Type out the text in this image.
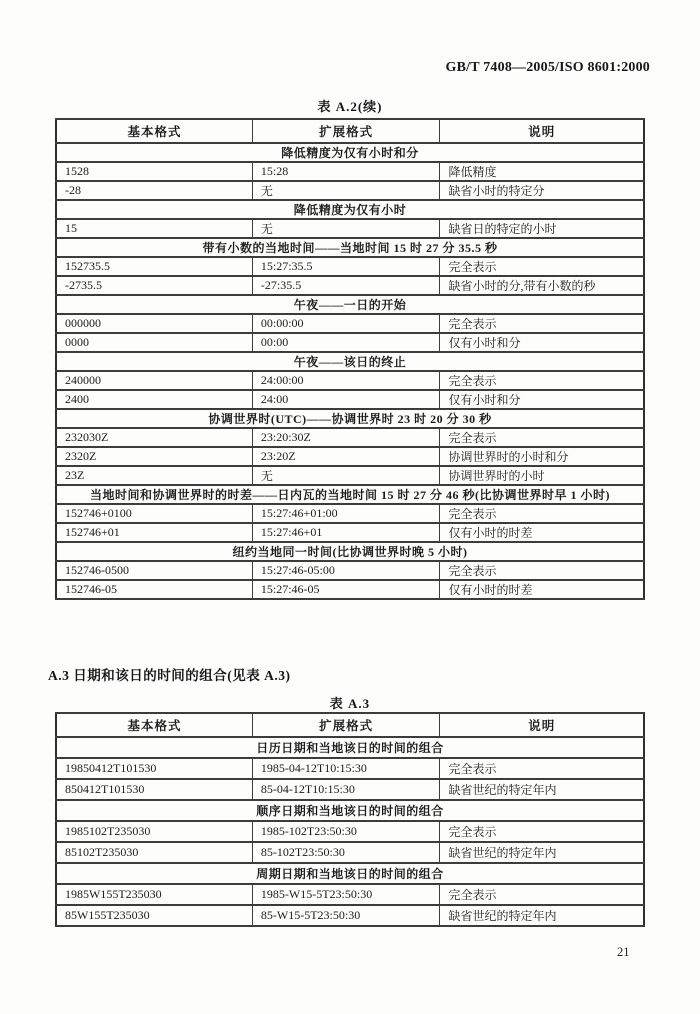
GB/T 7408—2005/ISO 8601:2000
表 A.2(续)
基本格式	扩展格式	说明
降低精度为仅有小时和分		
1528	15:28	降低精度
-28	无	缺省小时的特定分
降低精度为仅有小时		
15	无	缺省日的特定的小时
带有小数的当地时间——当地时间 15 时 27 分 35.5 秒		
152735.5	15:27:35.5	完全表示
-2735.5	-27:35.5	缺省小时的分,带有小数的秒
午夜——一日的开始		
000000	00:00:00	完全表示
0000	00:00	仅有小时和分
午夜——该日的终止		
240000	24:00:00	完全表示
2400	24:00	仅有小时和分
协调世界时(UTC)——协调世界时 23 时 20 分 30 秒		
232030Z	23:20:30Z	完全表示
2320Z	23:20Z	协调世界时的小时和分
23Z	无	协调世界时的小时
当地时间和协调世界时的时差——日内瓦的当地时间 15 时 27 分 46 秒(比协调世界时早 1 小时)		
152746+0100	15:27:46+01:00	完全表示
152746+01	15:27:46+01	仅有小时的时差
纽约当地同一时间(比协调世界时晚 5 小时)		
152746-0500	15:27:46-05:00	完全表示
152746-05	15:27:46-05	仅有小时的时差
A.3 日期和该日的时间的组合(见表 A.3)
表 A.3
基本格式	扩展格式	说明
日历日期和当地该日的时间的组合		
19850412T101530	1985-04-12T10:15:30	完全表示
850412T101530	85-04-12T10:15:30	缺省世纪的特定年内
顺序日期和当地该日的时间的组合		
1985102T235030	1985-102T23:50:30	完全表示
85102T235030	85-102T23:50:30	缺省世纪的特定年内
周期日期和当地该日的时间的组合		
1985W155T235030	1985-W15-5T23:50:30	完全表示
85W155T235030	85-W15-5T23:50:30	缺省世纪的特定年内
21
